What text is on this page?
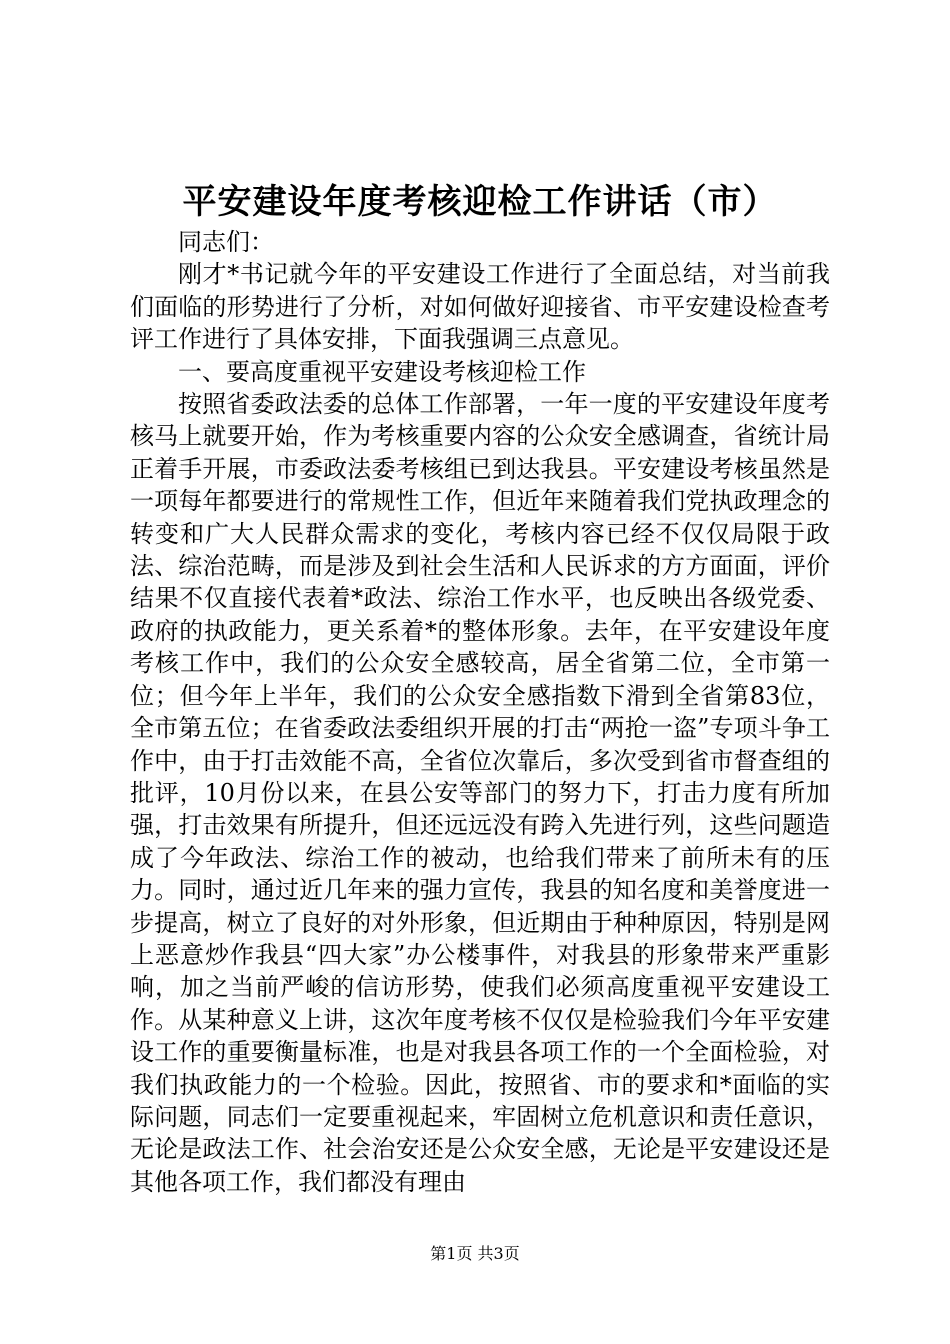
平安建设年度考核迎检工作讲话（市）

同志们：

刚才*书记就今年的平安建设工作进行了全面总结，对当前我们面临的形势进行了分析，对如何做好迎接省、市平安建设检查考评工作进行了具体安排，下面我强调三点意见。

一、要高度重视平安建设考核迎检工作

按照省委政法委的总体工作部署，一年一度的平安建设年度考核马上就要开始，作为考核重要内容的公众安全感调查，省统计局正着手开展，市委政法委考核组已到达我县。平安建设考核虽然是一项每年都要进行的常规性工作，但近年来随着我们党执政理念的转变和广大人民群众需求的变化，考核内容已经不仅仅局限于政法、综治范畴，而是涉及到社会生活和人民诉求的方方面面，评价结果不仅直接代表着*政法、综治工作水平，也反映出各级党委、政府的执政能力，更关系着*的整体形象。去年，在平安建设年度考核工作中，我们的公众安全感较高，居全省第二位，全市第一位；但今年上半年，我们的公众安全感指数下滑到全省第83位，全市第五位；在省委政法委组织开展的打击“两抢一盗”专项斗争工作中，由于打击效能不高，全省位次靠后，多次受到省市督查组的批评，10月份以来，在县公安等部门的努力下，打击力度有所加强，打击效果有所提升，但还远远没有跨入先进行列，这些问题造成了今年政法、综治工作的被动，也给我们带来了前所未有的压力。同时，通过近几年来的强力宣传，我县的知名度和美誉度进一步提高，树立了良好的对外形象，但近期由于种种原因，特别是网上恶意炒作我县“四大家”办公楼事件，对我县的形象带来严重影响，加之当前严峻的信访形势，使我们必须高度重视平安建设工作。从某种意义上讲，这次年度考核不仅仅是检验我们今年平安建设工作的重要衡量标准，也是对我县各项工作的一个全面检验，对我们执政能力的一个检验。因此，按照省、市的要求和*面临的实际问题，同志们一定要重视起来，牢固树立危机意识和责任意识，无论是政法工作、社会治安还是公众安全感，无论是平安建设还是其他各项工作，我们都没有理由

第1页 共3页
